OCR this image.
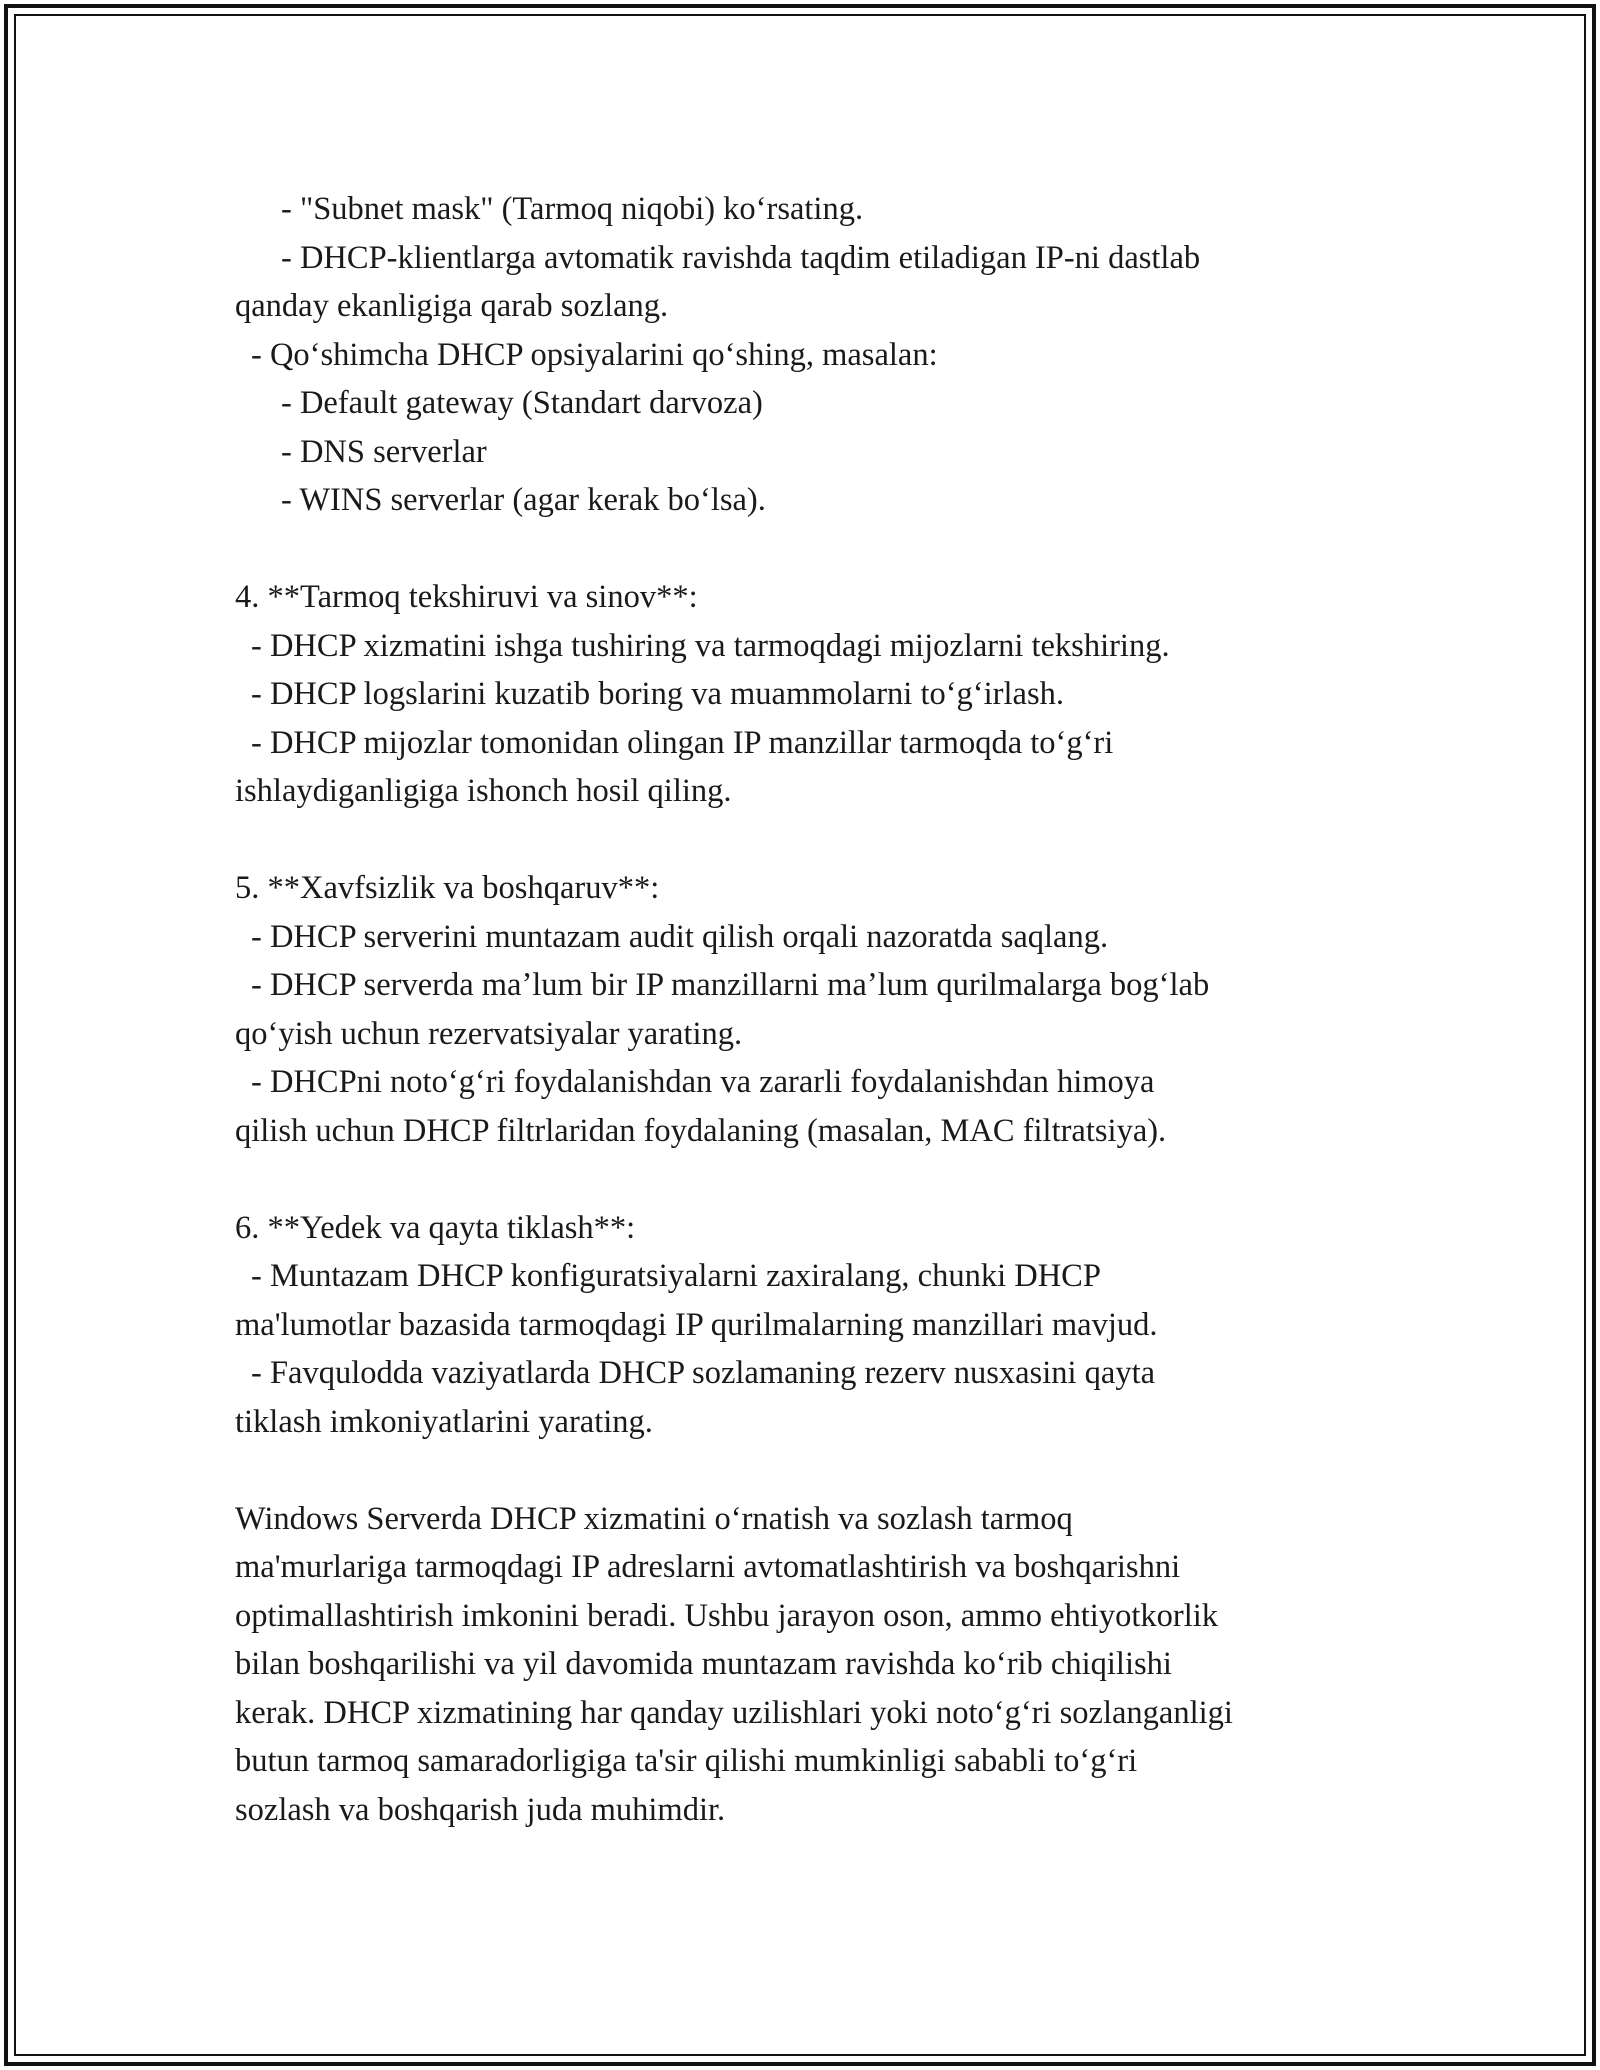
- "Subnet mask" (Tarmoq niqobi) koʻrsating.
- DHCP-klientlarga avtomatik ravishda taqdim etiladigan IP-ni dastlab
qanday ekanligiga qarab sozlang.
- Qoʻshimcha DHCP opsiyalarini qoʻshing, masalan:
- Default gateway (Standart darvoza)
- DNS serverlar
- WINS serverlar (agar kerak boʻlsa).
4. **Tarmoq tekshiruvi va sinov**:
- DHCP xizmatini ishga tushiring va tarmoqdagi mijozlarni tekshiring.
- DHCP logslarini kuzatib boring va muammolarni toʻgʻirlash.
- DHCP mijozlar tomonidan olingan IP manzillar tarmoqda toʻgʻri
ishlaydiganligiga ishonch hosil qiling.
5. **Xavfsizlik va boshqaruv**:
- DHCP serverini muntazam audit qilish orqali nazoratda saqlang.
- DHCP serverda maʼlum bir IP manzillarni maʼlum qurilmalarga bogʻlab
qoʻyish uchun rezervatsiyalar yarating.
- DHCPni notoʻgʻri foydalanishdan va zararli foydalanishdan himoya
qilish uchun DHCP filtrlaridan foydalaning (masalan, MAC filtratsiya).
6. **Yedek va qayta tiklash**:
- Muntazam DHCP konfiguratsiyalarni zaxiralang, chunki DHCP
ma'lumotlar bazasida tarmoqdagi IP qurilmalarning manzillari mavjud.
- Favqulodda vaziyatlarda DHCP sozlamaning rezerv nusxasini qayta
tiklash imkoniyatlarini yarating.
Windows Serverda DHCP xizmatini oʻrnatish va sozlash tarmoq
ma'murlariga tarmoqdagi IP adreslarni avtomatlashtirish va boshqarishni
optimallashtirish imkonini beradi. Ushbu jarayon oson, ammo ehtiyotkorlik
bilan boshqarilishi va yil davomida muntazam ravishda koʻrib chiqilishi
kerak. DHCP xizmatining har qanday uzilishlari yoki notoʻgʻri sozlanganligi
butun tarmoq samaradorligiga ta'sir qilishi mumkinligi sababli toʻgʻri
sozlash va boshqarish juda muhimdir.
